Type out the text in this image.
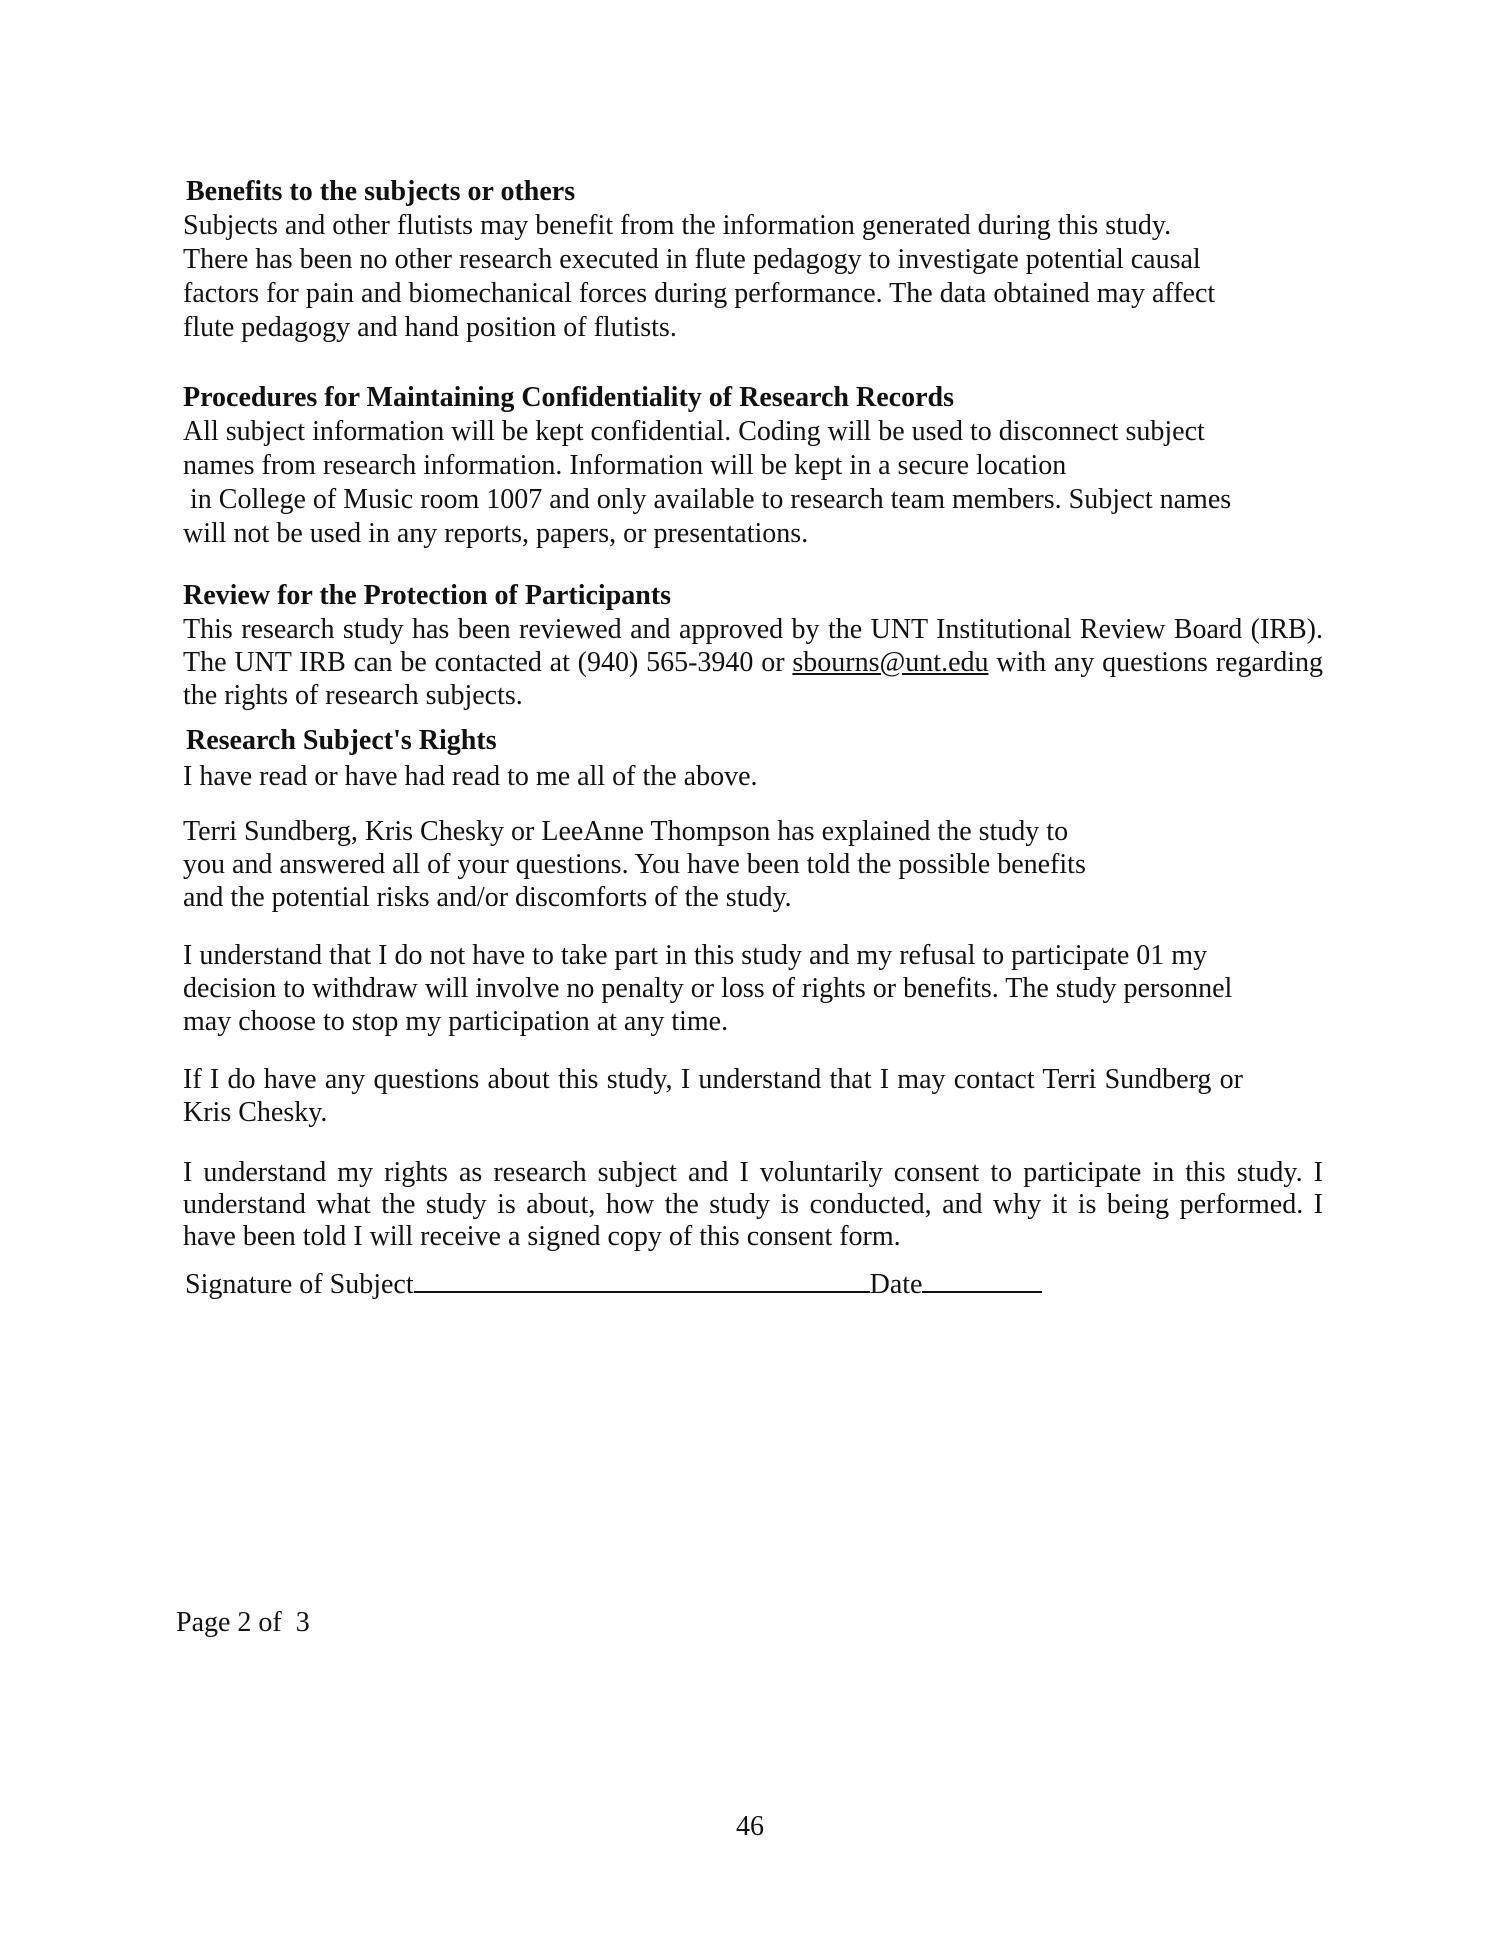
Benefits to the subjects or others
Subjects and other flutists may benefit from the information generated during this study.
There has been no other research executed in flute pedagogy to investigate potential causal
factors for pain and biomechanical forces during performance. The data obtained may affect
flute pedagogy and hand position of flutists.
Procedures for Maintaining Confidentiality of Research Records
All subject information will be kept confidential. Coding will be used to disconnect subject
names from research information. Information will be kept in a secure location
in College of Music room 1007 and only available to research team members. Subject names
will not be used in any reports, papers, or presentations.
Review for the Protection of Participants
This research study has been reviewed and approved by the UNT Institutional Review Board (IRB). The UNT IRB can be contacted at (940) 565-3940 or sbourns@unt.edu with any questions regarding the rights of research subjects.
Research Subject's Rights
I have read or have had read to me all of the above.
Terri Sundberg, Kris Chesky or LeeAnne Thompson has explained the study to
you and answered all of your questions. You have been told the possible benefits
and the potential risks and/or discomforts of the study.
I understand that I do not have to take part in this study and my refusal to participate 01 my
decision to withdraw will involve no penalty or loss of rights or benefits. The study personnel
may choose to stop my participation at any time.
If I do have any questions about this study, I understand that I may contact Terri Sundberg or Kris Chesky.
I understand my rights as research subject and I voluntarily consent to participate in this study. I understand what the study is about, how the study is conducted, and why it is being performed. I have been told I will receive a signed copy of this consent form.
Signature of Subject	Date
Page 2 of  3
46
